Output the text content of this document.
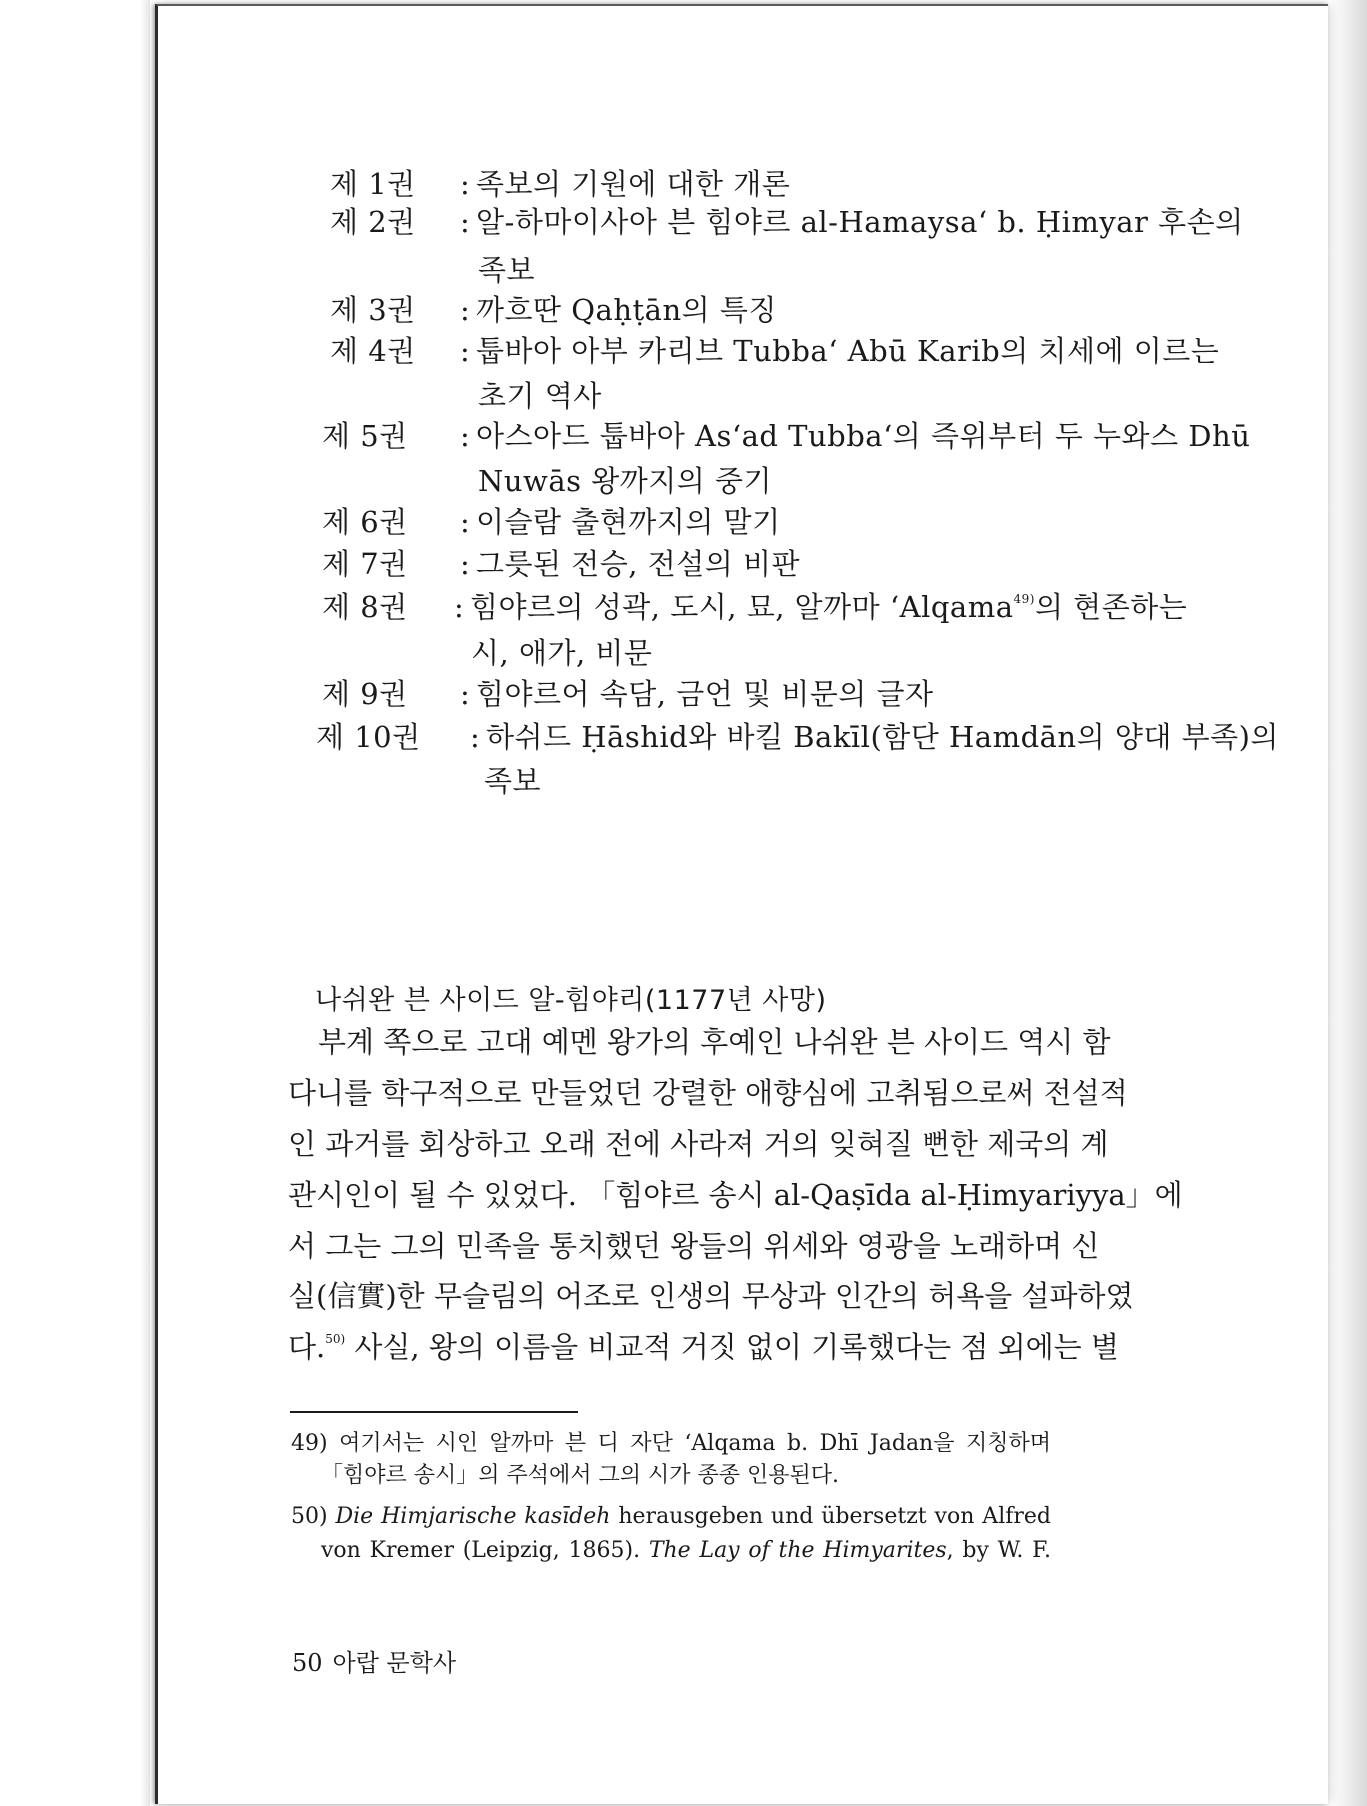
제 1권 : 족보의 기원에 대한 개론
제 2권 : 알-하마이사아 븐 힘야르 al-Hamaysa‘ b. Ḥimyar 후손의
족보
제 3권 : 까흐딴 Qaḥṭān의 특징
제 4권 : 툽바아 아부 카리브 Tubba‘ Abū Karib의 치세에 이르는
초기 역사
제 5권 : 아스아드 툽바아 As‘ad Tubba‘의 즉위부터 두 누와스 Dhū
Nuwās 왕까지의 중기
제 6권 : 이슬람 출현까지의 말기
제 7권 : 그릇된 전승, 전설의 비판
제 8권 : 힘야르의 성곽, 도시, 묘, 알까마 ‘Alqama$^{49)}$의 현존하는
시, 애가, 비문
제 9권 : 힘야르어 속담, 금언 및 비문의 글자
제 10권 : 하쉬드 Ḥāshid와 바킬 Bakīl(함단 Hamdān의 양대 부족)의
족보
나쉬완 븐 사이드 알-힘야리(1177년 사망)
부계 쪽으로 고대 예멘 왕가의 후예인 나쉬완 븐 사이드 역시 함
다니를 학구적으로 만들었던 강렬한 애향심에 고취됨으로써 전설적
인 과거를 회상하고 오래 전에 사라져 거의 잊혀질 뻔한 제국의 계
관시인이 될 수 있었다. 「힘야르 송시 al-Qaṣīda al-Ḥimyariyya」에
서 그는 그의 민족을 통치했던 왕들의 위세와 영광을 노래하며 신
실(信實)한 무슬림의 어조로 인생의 무상과 인간의 허욕을 설파하였
다.$^{50)}$ 사실, 왕의 이름을 비교적 거짓 없이 기록했다는 점 외에는 별
49) 여기서는 시인 알까마 븐 디 자단 ‘Alqama b. Dhī Jadan을 지칭하며
「힘야르 송시」의 주석에서 그의 시가 종종 인용된다.
50) Die Himjarische kasīdeh herausgeben und übersetzt von Alfred
von Kremer (Leipzig, 1865). The Lay of the Himyarites, by W. F.
50 아랍 문학사
